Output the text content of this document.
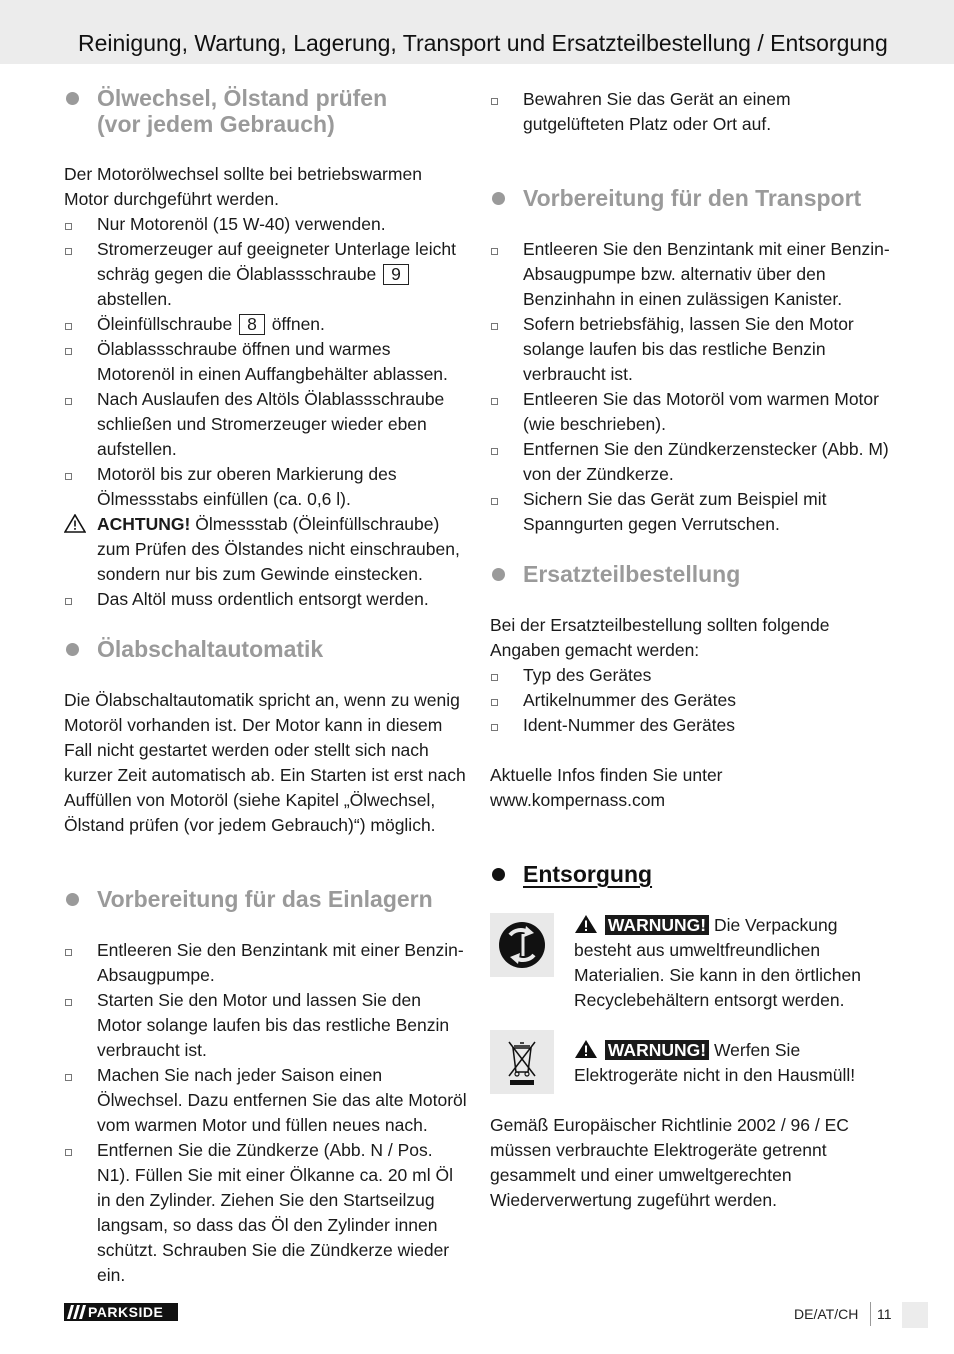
Reinigung, Wartung, Lagerung, Transport und Ersatzteilbestellung / Entsorgung
Ölwechsel, Ölstand prüfen
(vor jedem Gebrauch)
Der Motorölwechsel sollte bei betriebswarmen Motor durchgeführt werden.
Nur Motorenöl (15 W-40) verwenden.
Stromerzeuger auf geeigneter Unterlage leicht schräg gegen die Ölablassschraube 9 abstellen.
Öleinfüllschraube 8 öffnen.
Ölablassschraube öffnen und warmes Motorenöl in einen Auffangbehälter ablassen.
Nach Auslaufen des Altöls Ölablassschraube schließen und Stromerzeuger wieder eben aufstellen.
Motoröl bis zur oberen Markierung des Ölmessstabs einfüllen (ca. 0,6 l).
ACHTUNG! Ölmessstab (Öleinfüllschraube) zum Prüfen des Ölstandes nicht einschrauben, sondern nur bis zum Gewinde einstecken.
Das Altöl muss ordentlich entsorgt werden.
Ölabschaltautomatik
Die Ölabschaltautomatik spricht an, wenn zu wenig Motoröl vorhanden ist. Der Motor kann in diesem Fall nicht gestartet werden oder stellt sich nach kurzer Zeit automatisch ab. Ein Starten ist erst nach Auffüllen von Motoröl (siehe Kapitel „Ölwechsel, Ölstand prüfen (vor jedem Gebrauch)“) möglich.
Vorbereitung für das Einlagern
Entleeren Sie den Benzintank mit einer Benzin-Absaugpumpe.
Starten Sie den Motor und lassen Sie den Motor solange laufen bis das restliche Benzin verbraucht ist.
Machen Sie nach jeder Saison einen Ölwechsel. Dazu entfernen Sie das alte Motoröl vom warmen Motor und füllen neues nach.
Entfernen Sie die Zündkerze (Abb. N / Pos. N1). Füllen Sie mit einer Ölkanne ca. 20 ml Öl in den Zylinder. Ziehen Sie den Startseilzug langsam, so dass das Öl den Zylinder innen schützt. Schrauben Sie die Zündkerze wieder ein.
Bewahren Sie das Gerät an einem gutgelüfteten Platz oder Ort auf.
Vorbereitung für den Transport
Entleeren Sie den Benzintank mit einer Benzin-Absaugpumpe bzw. alternativ über den Benzinhahn in einen zulässigen Kanister.
Sofern betriebsfähig, lassen Sie den Motor solange laufen bis das restliche Benzin verbraucht ist.
Entleeren Sie das Motoröl vom warmen Motor (wie beschrieben).
Entfernen Sie den Zündkerzenstecker (Abb. M) von der Zündkerze.
Sichern Sie das Gerät zum Beispiel mit Spanngurten gegen Verrutschen.
Ersatzteilbestellung
Bei der Ersatzteilbestellung sollten folgende Angaben gemacht werden:
Typ des Gerätes
Artikelnummer des Gerätes
Ident-Nummer des Gerätes
Aktuelle Infos finden Sie unter
www.kompernass.com
Entsorgung
WARNUNG! Die Verpackung besteht aus umweltfreundlichen Materialien. Sie kann in den örtlichen Recyclebehältern entsorgt werden.
WARNUNG! Werfen Sie Elektrogeräte nicht in den Hausmüll!
Gemäß Europäischer Richtlinie 2002 / 96 / EC müssen verbrauchte Elektrogeräte getrennt gesammelt und einer umweltgerechten Wiederverwertung zugeführt werden.
PARKSIDE	DE/AT/CH 11
